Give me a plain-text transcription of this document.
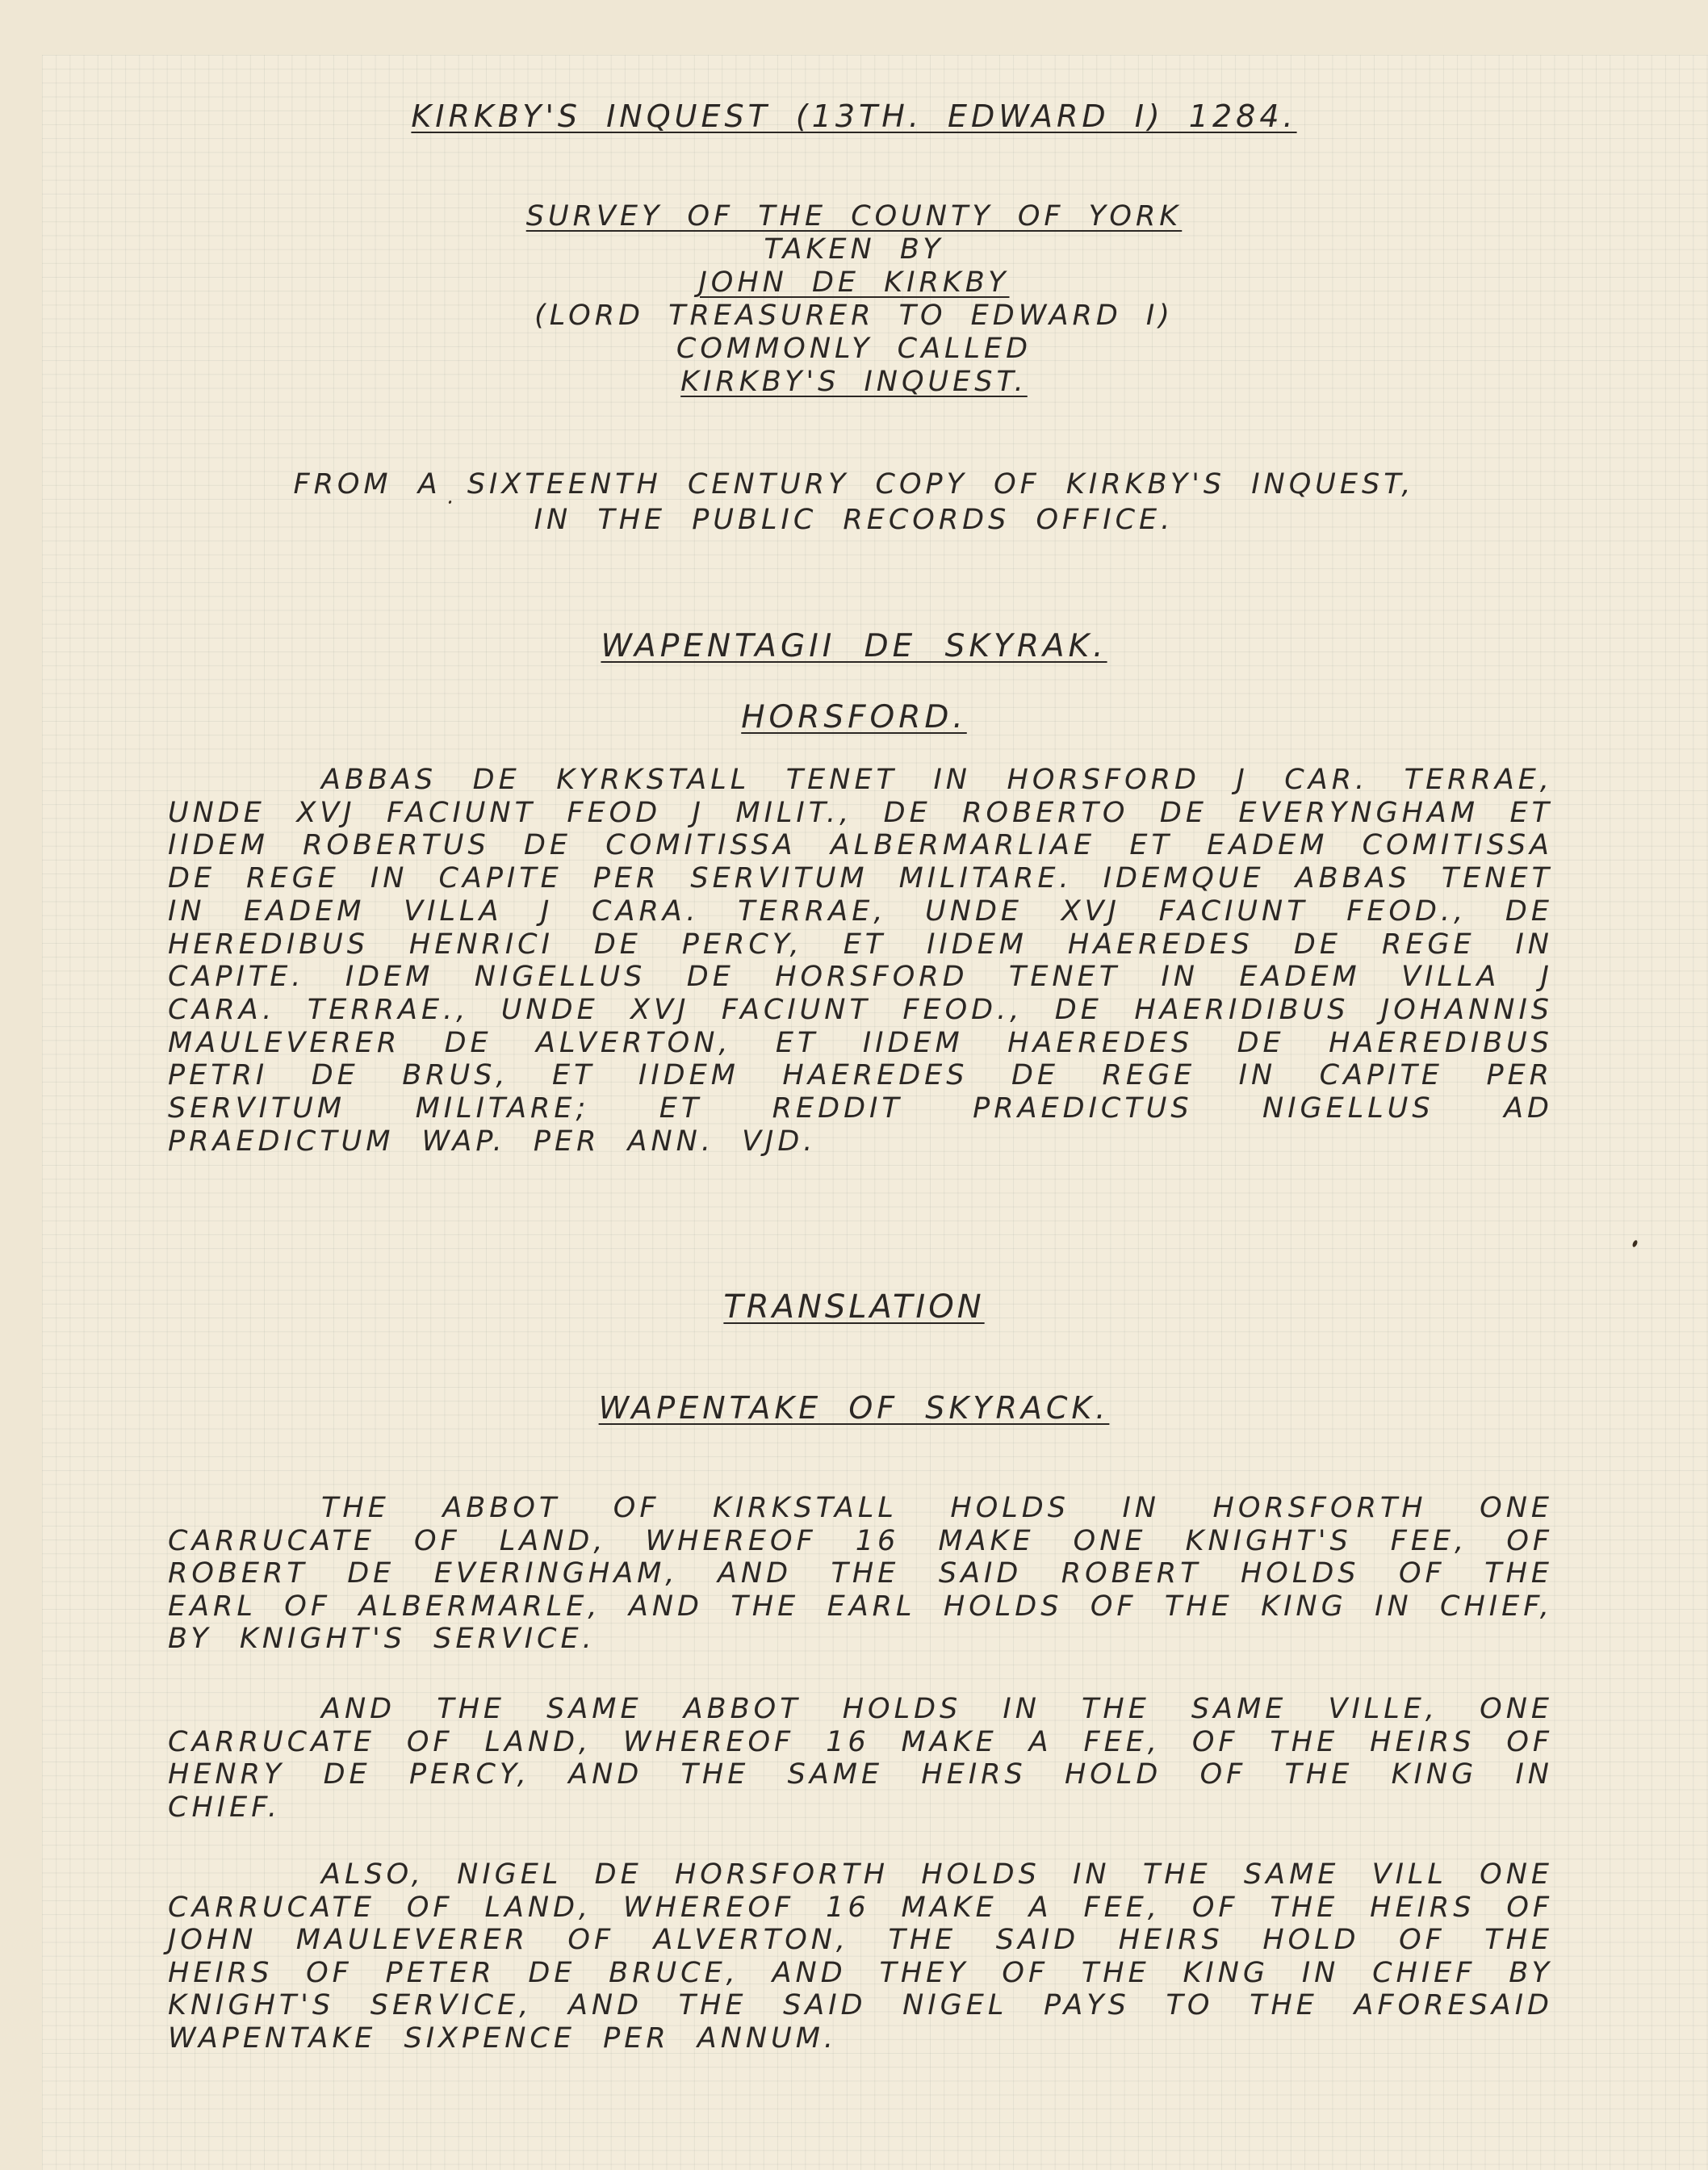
KIRKBY'S INQUEST (13TH. EDWARD I) 1284.
SURVEY OF THE COUNTY OF YORK
TAKEN BY
JOHN DE KIRKBY
(LORD TREASURER TO EDWARD I)
COMMONLY CALLED
KIRKBY'S INQUEST.
FROM A SIXTEENTH CENTURY COPY OF KIRKBY'S INQUEST,
IN THE PUBLIC RECORDS OFFICE.
WAPENTAGII DE SKYRAK.
HORSFORD.

ABBAS DE KYRKSTALL TENET IN HORSFORD J CAR. TERRAE, UNDE XVJ FACIUNT FEOD J MILIT., DE ROBERTO DE EVERYNGHAM ET IIDEM ROBERTUS DE COMITISSA ALBERMARLIAE ET EADEM COMITISSA DE REGE IN CAPITE PER SERVITUM MILITARE. IDEMQUE ABBAS TENET IN EADEM VILLA J CARA. TERRAE, UNDE XVJ FACIUNT FEOD., DE HEREDIBUS HENRICI DE PERCY, ET IIDEM HAEREDES DE REGE IN CAPITE. IDEM NIGELLUS DE HORSFORD TENET IN EADEM VILLA J CARA. TERRAE., UNDE XVJ FACIUNT FEOD., DE HAERIDIBUS JOHANNIS MAULEVERER DE ALVERTON, ET IIDEM HAEREDES DE HAEREDIBUS PETRI DE BRUS, ET IIDEM HAEREDES DE REGE IN CAPITE PER SERVITUM MILITARE; ET REDDIT PRAEDICTUS NIGELLUS AD PRAEDICTUM WAP. PER ANN. VJD.

TRANSLATION
WAPENTAKE OF SKYRACK.

THE ABBOT OF KIRKSTALL HOLDS IN HORSFORTH ONE CARRUCATE OF LAND, WHEREOF 16 MAKE ONE KNIGHT'S FEE, OF ROBERT DE EVERINGHAM, AND THE SAID ROBERT HOLDS OF THE EARL OF ALBERMARLE, AND THE EARL HOLDS OF THE KING IN CHIEF, BY KNIGHT'S SERVICE.

AND THE SAME ABBOT HOLDS IN THE SAME VILLE, ONE CARRUCATE OF LAND, WHEREOF 16 MAKE A FEE, OF THE HEIRS OF HENRY DE PERCY, AND THE SAME HEIRS HOLD OF THE KING IN CHIEF.

ALSO, NIGEL DE HORSFORTH HOLDS IN THE SAME VILL ONE CARRUCATE OF LAND, WHEREOF 16 MAKE A FEE, OF THE HEIRS OF JOHN MAULEVERER OF ALVERTON, THE SAID HEIRS HOLD OF THE HEIRS OF PETER DE BRUCE, AND THEY OF THE KING IN CHIEF BY KNIGHT'S SERVICE, AND THE SAID NIGEL PAYS TO THE AFORESAID WAPENTAKE SIXPENCE PER ANNUM.
